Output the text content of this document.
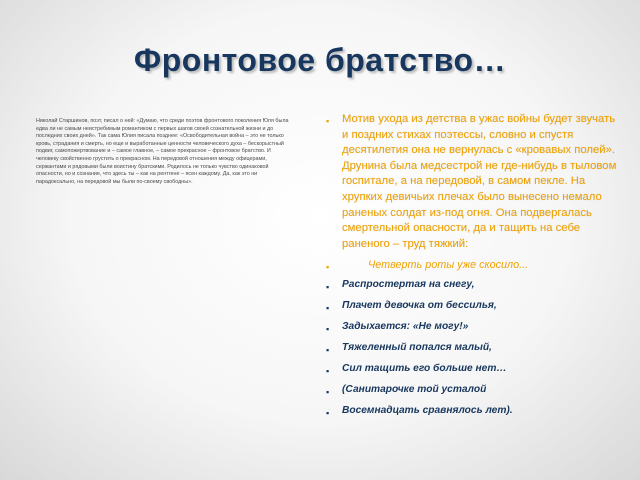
Фронтовое братство…

Николай Старшинов, поэт, писал о ней: «Думаю, что среди поэтов фронтового поколения Юля была едва ли не самым неистребимым романтиком с первых шагов своей сознательной жизни и до последних своих дней». Так сама Юлия писала позднее: «Освободительная война – это не только кровь, страдания и смерть, но еще и выработанные ценности человеческого духа – бескорыстный подвиг, самопожертвование и – самое главное, – самое прекрасное – фронтовое братство. И человеку свойственно грустить о прекрасном. На передовой отношения между офицерами, сержантами и рядовыми были воистину братскими. Родилось не только чувство одинаковой опасности, но и сознание, что здесь ты – как на рентгене – ясен каждому. Да, как это ни парадоксально, на передовой мы были по-своему свободны».

▪ Мотив ухода из детства в ужас войны будет звучать и поздних стихах поэтессы, словно и спустя десятилетия она не вернулась с «кровавых полей». Друнина была медсестрой не где-нибудь в тыловом госпитале, а на передовой, в самом пекле. На хрупких девичьих плечах было вынесено немало раненых солдат из-под огня. Она подвергалась смертельной опасности, да и тащить на себе раненого – труд тяжкий:
▪	Четверть роты уже скосило...
▪ Распростертая на снегу,
▪ Плачет девочка от бессилья,
▪ Задыхается: «Не могу!»
▪ Тяжеленный попался малый,
▪ Сил тащить его больше нет…
▪ (Санитарочке той усталой
▪ Восемнадцать сравнялось лет).
